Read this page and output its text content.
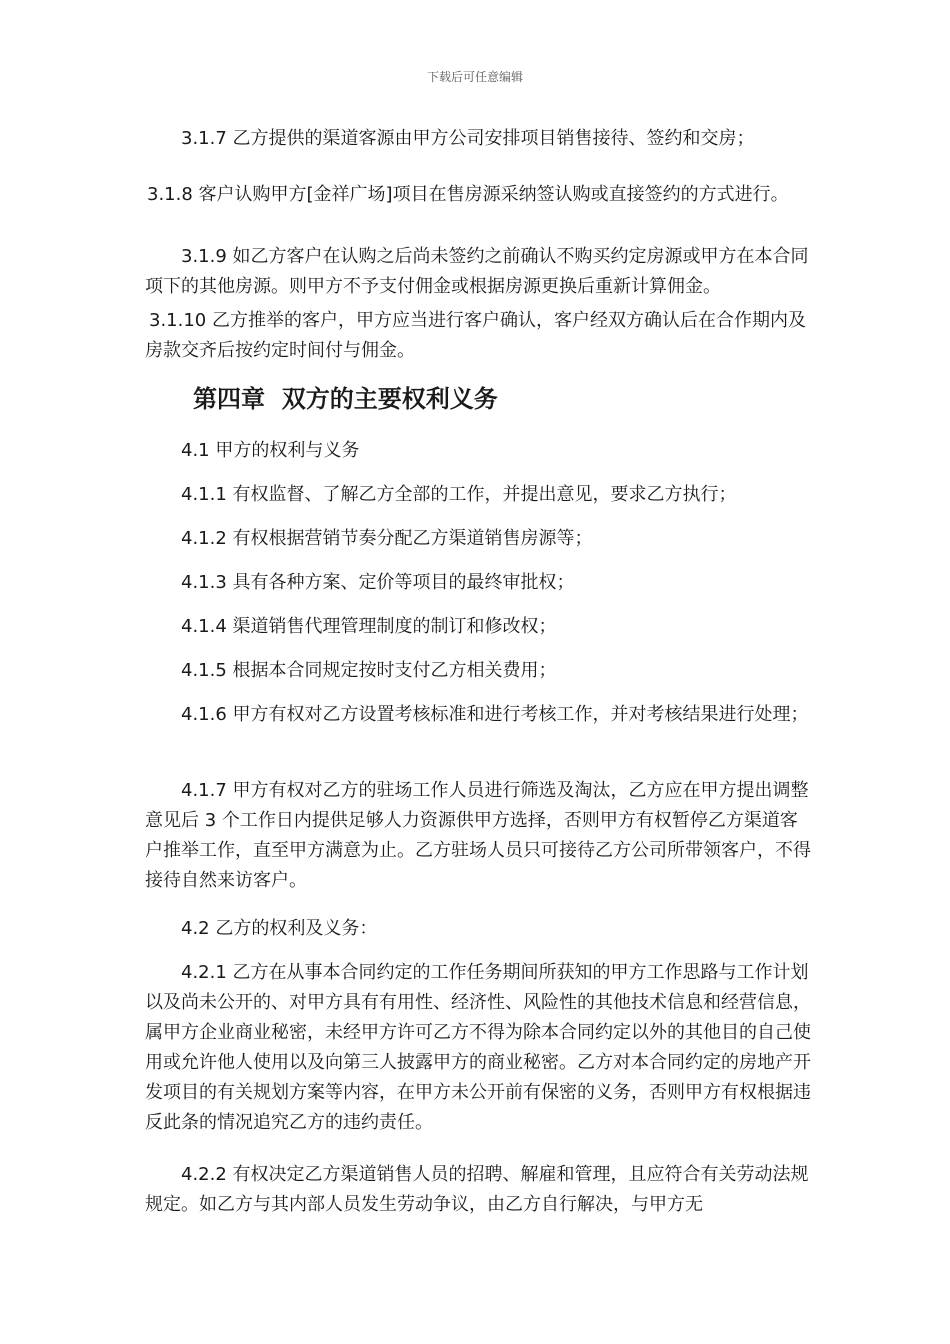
下载后可任意编辑

3.1.7 乙方提供的渠道客源由甲方公司安排项目销售接待、签约和交房；

3.1.8 客户认购甲方[金祥广场]项目在售房源采纳签认购或直接签约的方式进行。

3.1.9 如乙方客户在认购之后尚未签约之前确认不购买约定房源或甲方在本合同项下的其他房源。则甲方不予支付佣金或根据房源更换后重新计算佣金。

3.1.10 乙方推举的客户，甲方应当进行客户确认，客户经双方确认后在合作期内及房款交齐后按约定时间付与佣金。

第四章  双方的主要权利义务

4.1 甲方的权利与义务

4.1.1 有权监督、了解乙方全部的工作，并提出意见，要求乙方执行；

4.1.2 有权根据营销节奏分配乙方渠道销售房源等；

4.1.3 具有各种方案、定价等项目的最终审批权；

4.1.4 渠道销售代理管理制度的制订和修改权；

4.1.5 根据本合同规定按时支付乙方相关费用；

4.1.6 甲方有权对乙方设置考核标准和进行考核工作，并对考核结果进行处理；

4.1.7 甲方有权对乙方的驻场工作人员进行筛选及淘汰，乙方应在甲方提出调整意见后 3 个工作日内提供足够人力资源供甲方选择，否则甲方有权暂停乙方渠道客户推举工作，直至甲方满意为止。乙方驻场人员只可接待乙方公司所带领客户，不得接待自然来访客户。

4.2 乙方的权利及义务：

4.2.1 乙方在从事本合同约定的工作任务期间所获知的甲方工作思路与工作计划以及尚未公开的、对甲方具有有用性、经济性、风险性的其他技术信息和经营信息，属甲方企业商业秘密，未经甲方许可乙方不得为除本合同约定以外的其他目的自己使用或允许他人使用以及向第三人披露甲方的商业秘密。乙方对本合同约定的房地产开发项目的有关规划方案等内容，在甲方未公开前有保密的义务，否则甲方有权根据违反此条的情况追究乙方的违约责任。

4.2.2 有权决定乙方渠道销售人员的招聘、解雇和管理，且应符合有关劳动法规规定。如乙方与其内部人员发生劳动争议，由乙方自行解决，与甲方无
